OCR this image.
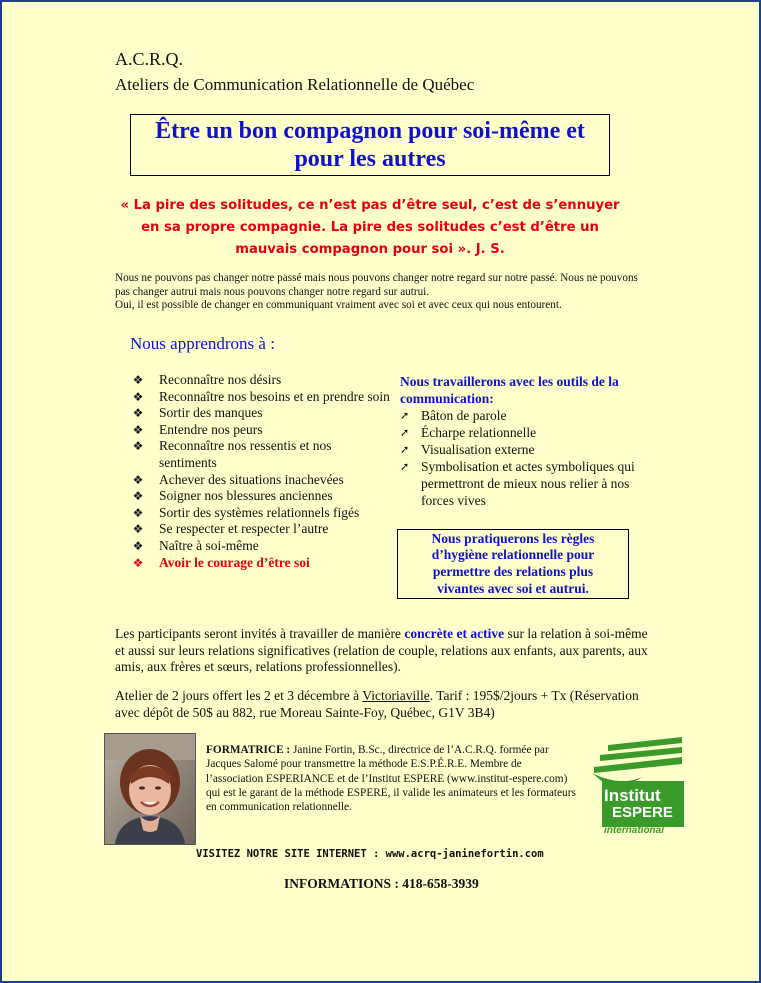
A.C.R.Q.
Ateliers de Communication Relationnelle de Québec
Être un bon compagnon pour soi-même et pour les autres
« La pire des solitudes, ce n’est pas d’être seul, c’est de s’ennuyer en sa propre compagnie. La pire des solitudes c’est d’être un mauvais compagnon pour soi ». J. S.

Nous ne pouvons pas changer notre passé mais nous pouvons changer notre regard sur notre passé. Nous ne pouvons pas changer autrui mais nous pouvons changer notre regard sur autrui.

Oui, il est possible de changer en communiquant vraiment avec soi et avec ceux qui nous entourent.

Nous apprendrons à :
❖ Reconnaître nos désirs
❖ Reconnaître nos besoins et en prendre soin
❖ Sortir des manques
❖ Entendre nos peurs
❖ Reconnaître nos ressentis et nos sentiments
❖ Achever des situations inachevées
❖ Soigner nos blessures anciennes
❖ Sortir des systèmes relationnels figés
❖ Se respecter et respecter l’autre
❖ Naître à soi-même
❖ Avoir le courage d’être soi
Nous travaillerons avec les outils de la communication:
➚ Bâton de parole
➚ Écharpe relationnelle
➚ Visualisation externe
➚ Symbolisation et actes symboliques qui permettront de mieux nous relier à nos forces vives
Nous pratiquerons les règles d’hygiène relationnelle pour permettre des relations plus vivantes avec soi et autrui.
Les participants seront invités à travailler de manière concrète et active sur la relation à soi-même et aussi sur leurs relations significatives (relation de couple, relations aux enfants, aux parents, aux amis, aux frères et sœurs, relations professionnelles).
Atelier de 2 jours offert les 2 et 3 décembre à Victoriaville. Tarif : 195$/2jours + Tx (Réservation avec dépôt de 50$ au 882, rue Moreau Sainte-Foy, Québec, G1V 3B4)
FORMATRICE : Janine Fortin, B.Sc., directrice de l’A.C.R.Q. formée par Jacques Salomé pour transmettre la méthode E.S.P.É.R.E. Membre de l’association ESPERIANCE et de l’Institut ESPERE (www.institut-espere.com) qui est le garant de la méthode ESPERE, il valide les animateurs et les formateurs en communication relationnelle.
Institut
ESPERE
international
VISITEZ NOTRE SITE INTERNET : www.acrq-janinefortin.com
INFORMATIONS : 418-658-3939
